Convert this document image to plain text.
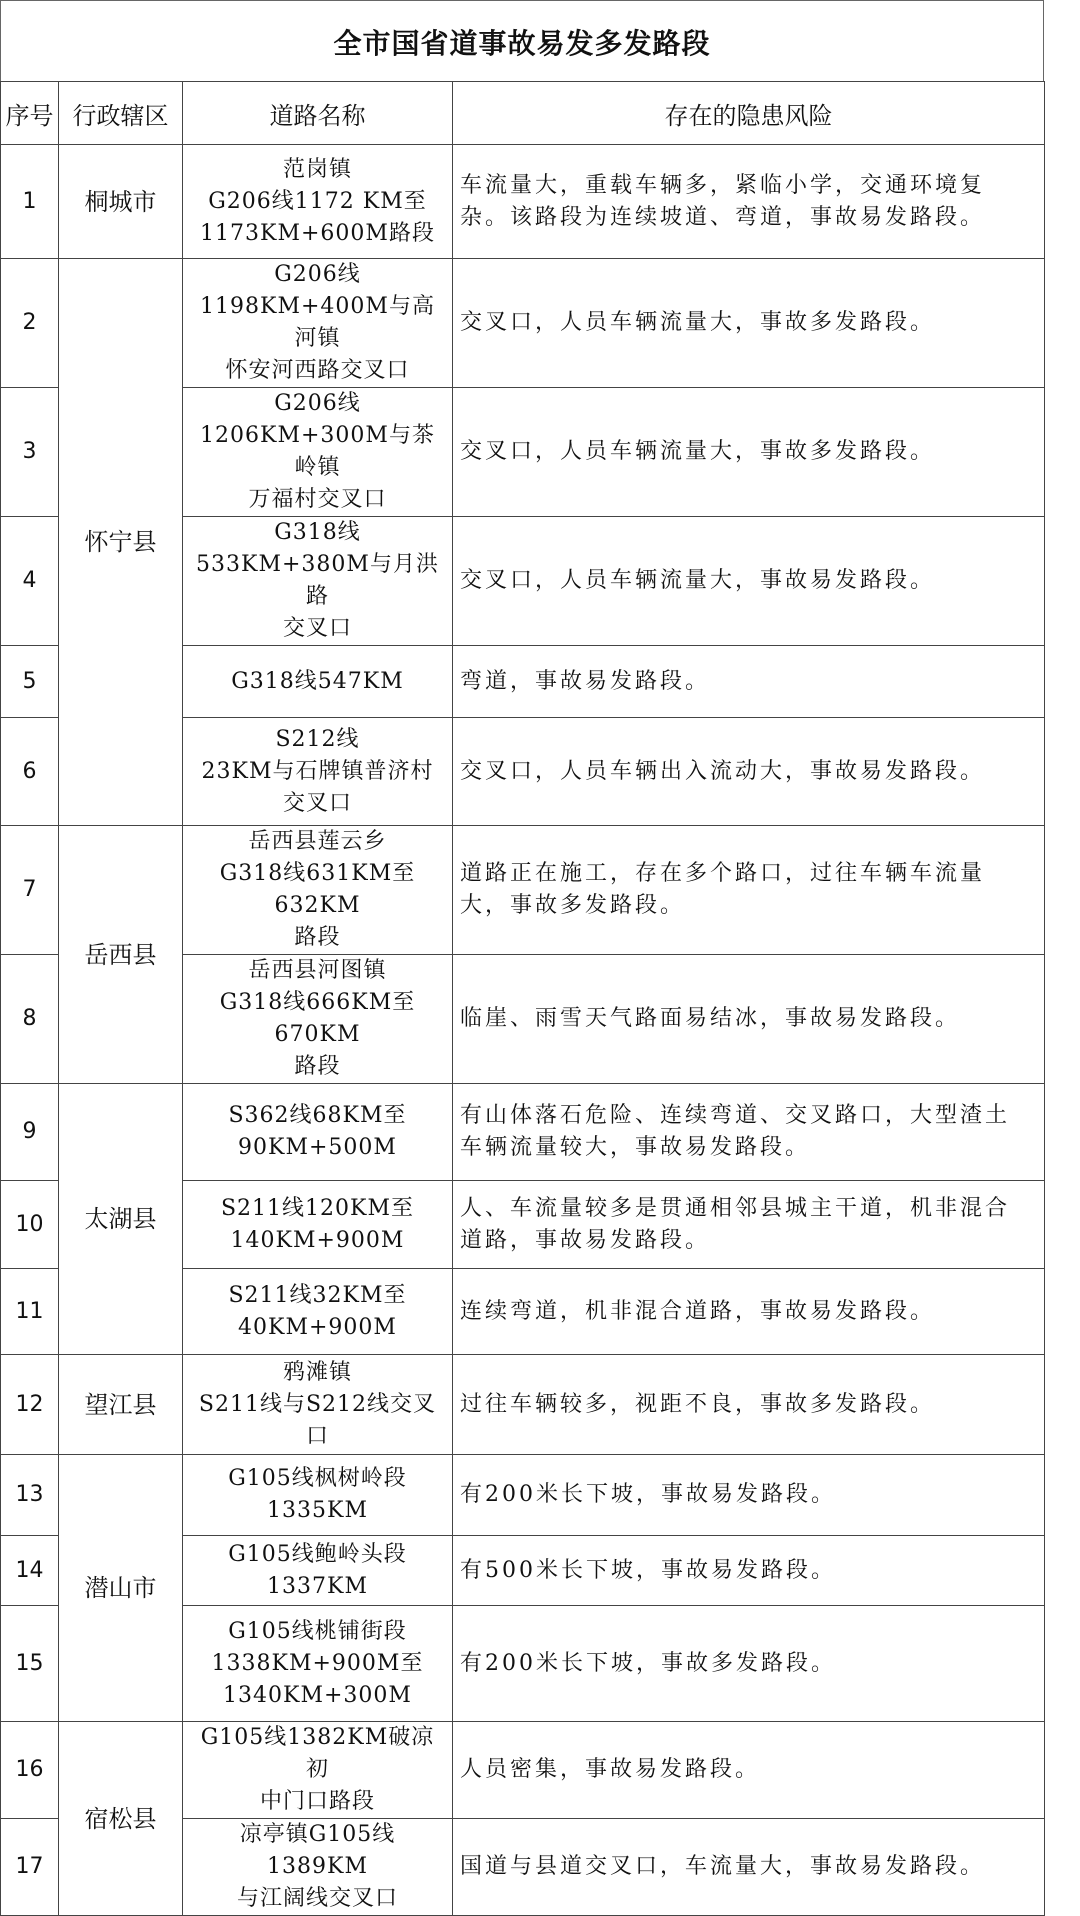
全市国省道事故易发多发路段
序号	行政辖区	道路名称	存在的隐患风险
1	桐城市	范岗镇
G206线1172 KM至
1173KM+600M路段	车流量大，重载车辆多，紧临小学，交通环境复杂。该路段为连续坡道、弯道，事故易发路段。
2	怀宁县	G206线
1198KM+400M与高河镇
怀安河西路交叉口	交叉口，人员车辆流量大，事故多发路段。
3		G206线
1206KM+300M与茶岭镇
万福村交叉口	交叉口，人员车辆流量大，事故多发路段。
4		G318线
533KM+380M与月洪路
交叉口	交叉口，人员车辆流量大，事故易发路段。
5		G318线547KM	弯道，事故易发路段。
6		S212线
23KM与石牌镇普济村
交叉口	交叉口，人员车辆出入流动大，事故易发路段。
7	岳西县	岳西县莲云乡
G318线631KM至632KM
路段	道路正在施工，存在多个路口，过往车辆车流量大，事故多发路段。
8		岳西县河图镇
G318线666KM至670KM
路段	临崖、雨雪天气路面易结冰，事故易发路段。
9	太湖县	S362线68KM至
90KM+500M	有山体落石危险、连续弯道、交叉路口，大型渣土车辆流量较大，事故易发路段。
10		S211线120KM至
140KM+900M	人、车流量较多是贯通相邻县城主干道，机非混合道路，事故易发路段。
11		S211线32KM至
40KM+900M	连续弯道，机非混合道路，事故易发路段。
12	望江县	鸦滩镇
S211线与S212线交叉
口	过往车辆较多，视距不良，事故多发路段。
13	潜山市	G105线枫树岭段
1335KM	有200米长下坡，事故易发路段。
14		G105线鲍岭头段
1337KM	有500米长下坡，事故易发路段。
15		G105线桃铺街段
1338KM+900M至
1340KM+300M	有200米长下坡，事故多发路段。
16	宿松县	G105线1382KM破凉初
中门口路段	人员密集，事故易发路段。
17		凉亭镇G105线1389KM
与江阔线交叉口	国道与县道交叉口，车流量大，事故易发路段。
